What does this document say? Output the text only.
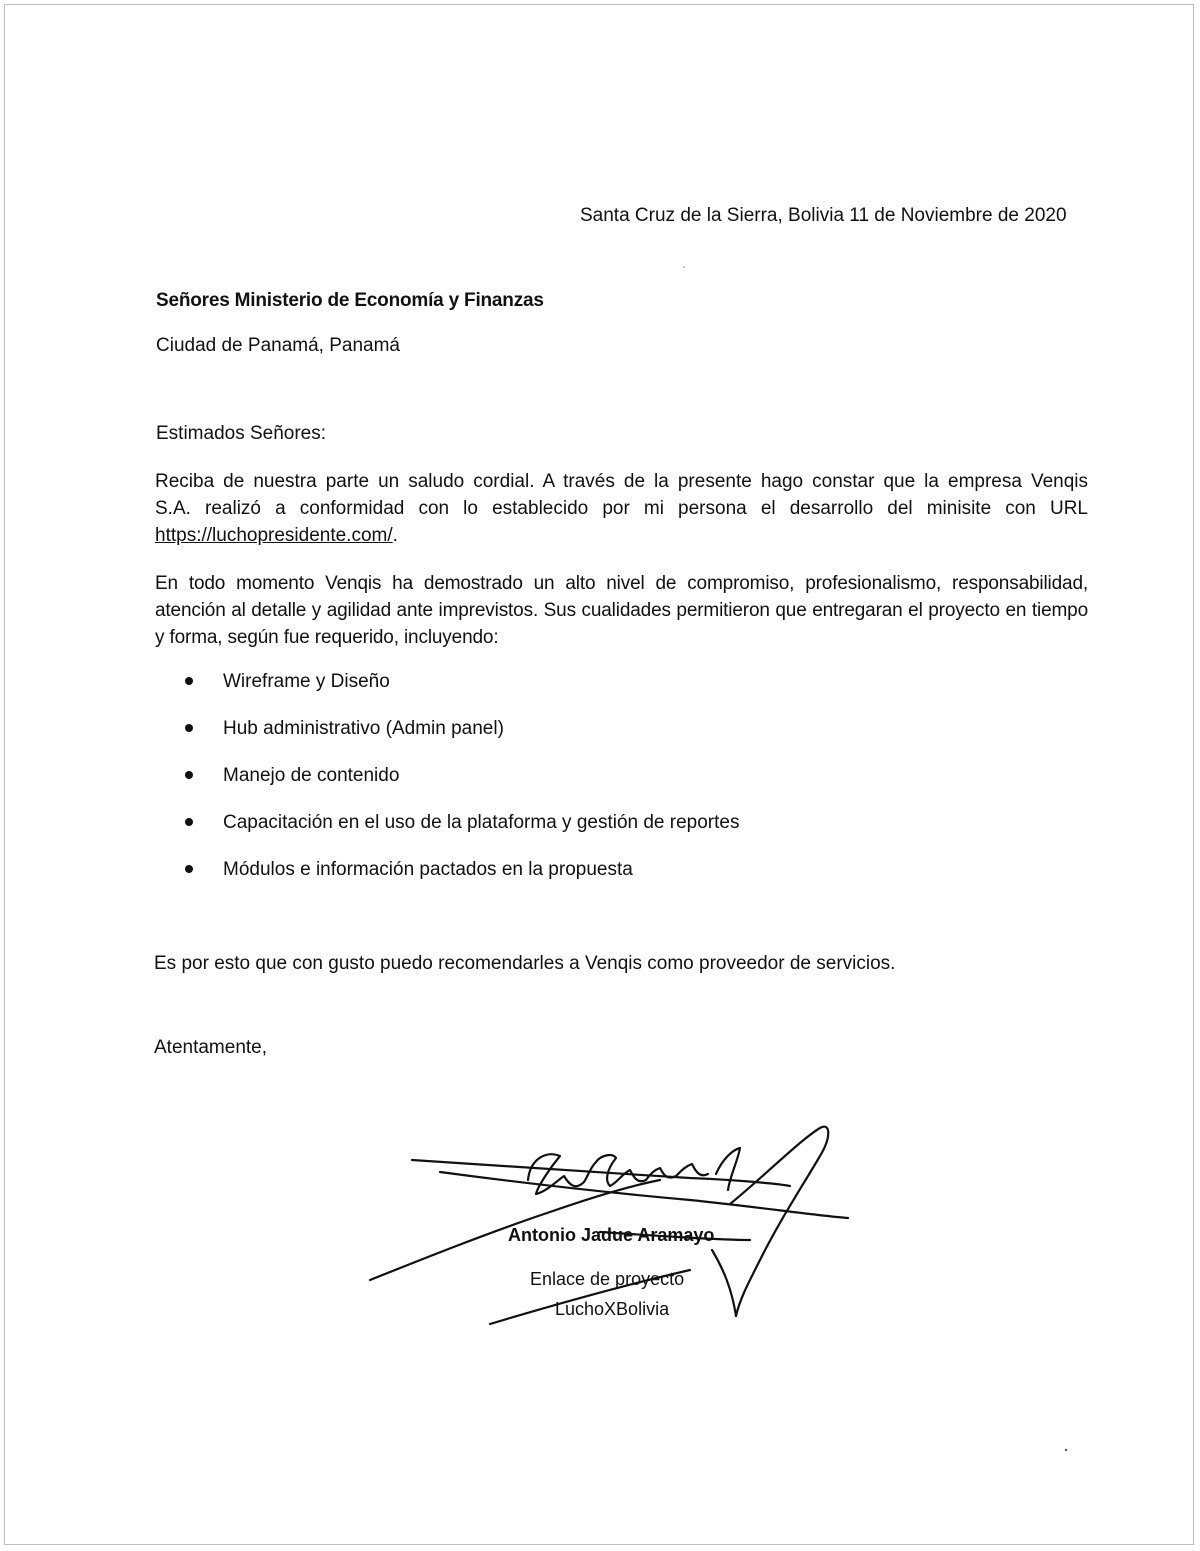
Santa Cruz de la Sierra, Bolivia 11 de Noviembre de 2020
Señores Ministerio de Economía y Finanzas
Ciudad de Panamá, Panamá
Estimados Señores:
Reciba de nuestra parte un saludo cordial. A través de la presente hago constar que la empresa Venqis
S.A. realizó a conformidad con lo establecido por mi persona el desarrollo del minisite con URL
https://luchopresidente.com/.
En todo momento Venqis ha demostrado un alto nivel de compromiso, profesionalismo, responsabilidad, atención al detalle y agilidad ante imprevistos. Sus cualidades permitieron que entregaran el proyecto en tiempo y forma, según fue requerido, incluyendo:
Wireframe y Diseño
Hub administrativo (Admin panel)
Manejo de contenido
Capacitación en el uso de la plataforma y gestión de reportes
Módulos e información pactados en la propuesta
Es por esto que con gusto puedo recomendarles a Venqis como proveedor de servicios.
Atentamente,
Antonio Jadue Aramayo
Enlace de proyecto
LuchoXBolivia
